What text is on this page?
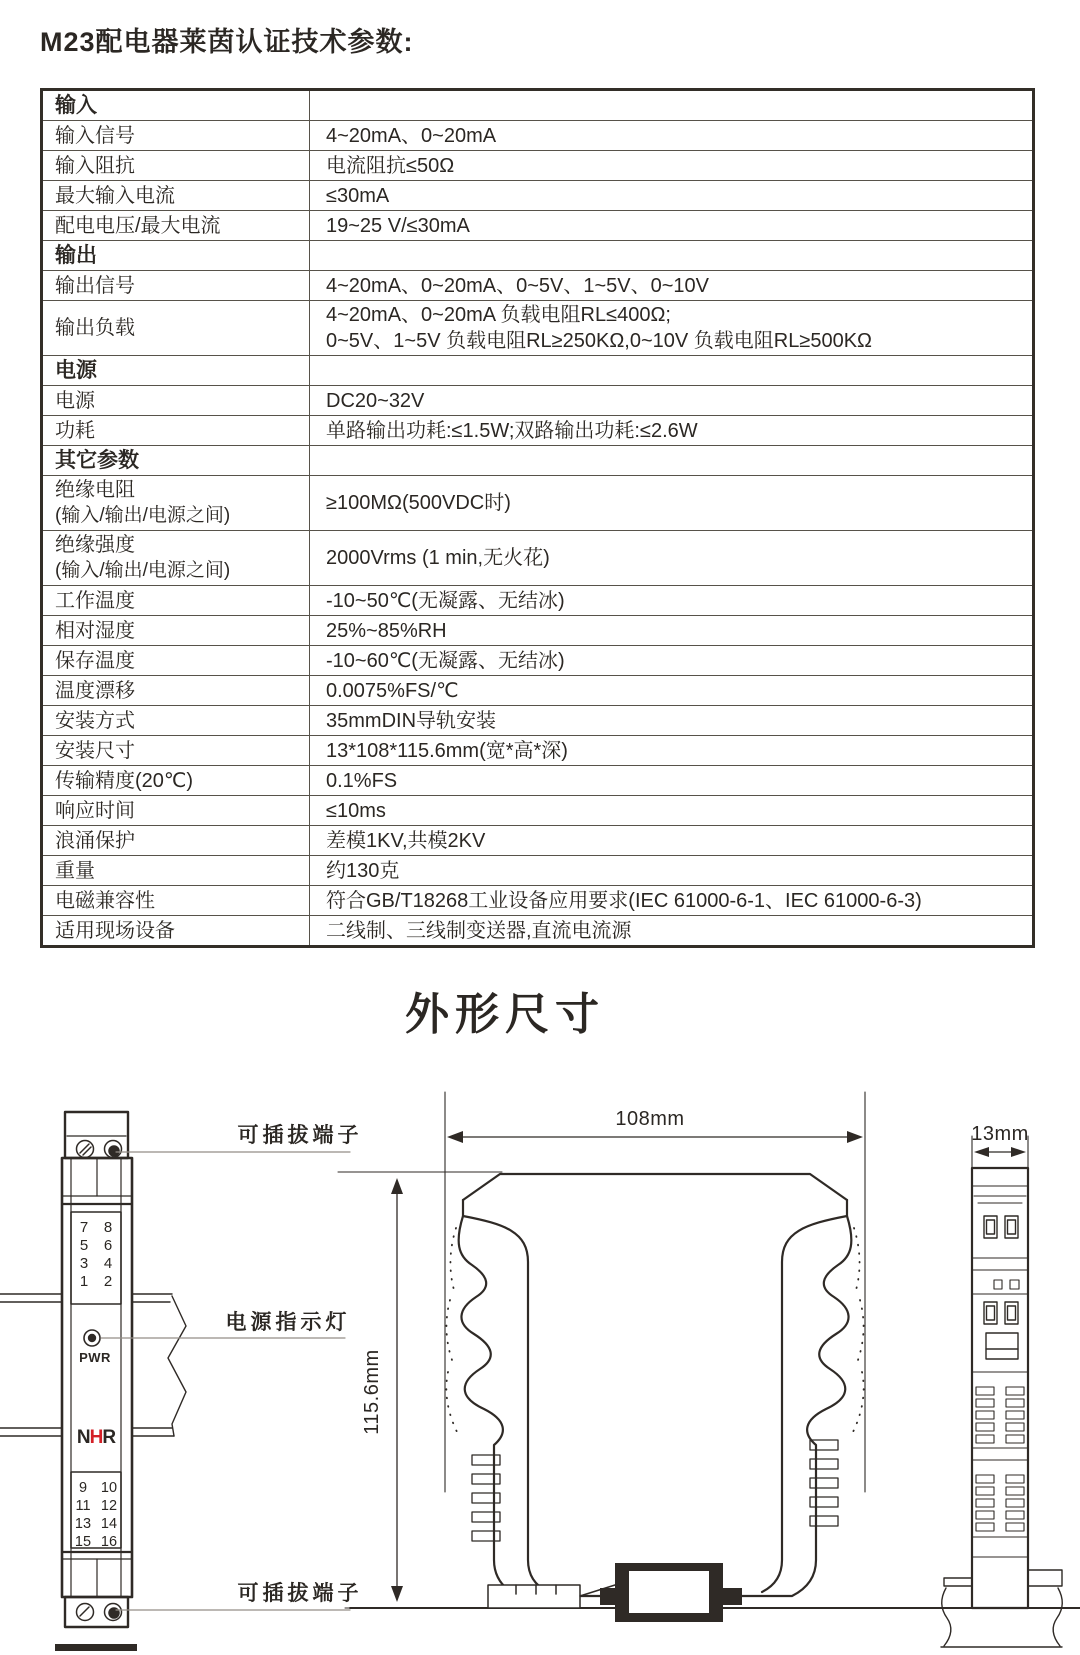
M23配电器莱茵认证技术参数:
输入	

输入信号	4~20mA、0~20mA

输入阻抗	电流阻抗≤50Ω

最大输入电流	≤30mA

配电电压/最大电流	19~25 V/≤30mA

输出	

输出信号	4~20mA、0~20mA、0~5V、1~5V、0~10V

输出负载	4~20mA、0~20mA 负载电阻RL≤400Ω;
0~5V、1~5V 负载电阻RL≥250KΩ,0~10V 负载电阻RL≥500KΩ

电源	

电源	DC20~32V

功耗	单路输出功耗:≤1.5W;双路输出功耗:≤2.6W

其它参数	

绝缘电阻
(输入/输出/电源之间)	≥100MΩ(500VDC时)

绝缘强度
(输入/输出/电源之间)	2000Vrms (1 min,无火花)

工作温度	-10~50℃(无凝露、无结冰)

相对湿度	25%~85%RH

保存温度	-10~60℃(无凝露、无结冰)

温度漂移	0.0075%FS/℃

安装方式	35mmDIN导轨安装

安装尺寸	13*108*115.6mm(宽*高*深)

传输精度(20℃)	0.1%FS

响应时间	≤10ms

浪涌保护	差模1KV,共模2KV

重量	约130克

电磁兼容性	符合GB/T18268工业设备应用要求(IEC 61000-6-1、IEC 61000-6-3)

适用现场设备	二线制、三线制变送器,直流电流源
外形尺寸
7 8
5 6
3 4
1 2
PWR
NHR
9 10
11 12
13 14
15 16
可插拔端子
电源指示灯
可插拔端子
108mm
115.6mm
13mm
